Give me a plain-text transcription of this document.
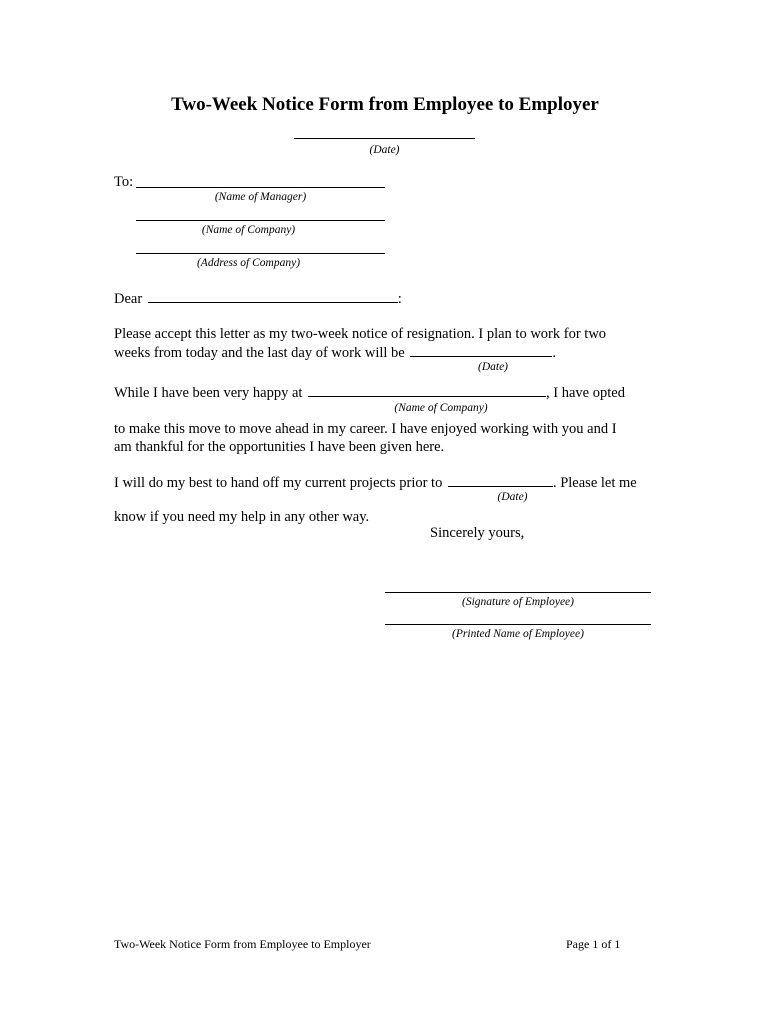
Two-Week Notice Form from Employee to Employer
(Date)
To:
(Name of Manager)
(Name of Company)
(Address of Company)
Dear	:
Please accept this letter as my two-week notice of resignation. I plan to work for two
weeks from today and the last day of work will be	.
(Date)
While I have been very happy at	, I have opted
(Name of Company)
to make this move to move ahead in my career. I have enjoyed working with you and I
am thankful for the opportunities I have been given here.
I will do my best to hand off my current projects prior to	. Please let me
(Date)
know if you need my help in any other way.
Sincerely yours,
(Signature of Employee)
(Printed Name of Employee)
Two-Week Notice Form from Employee to Employer	Page 1 of 1
